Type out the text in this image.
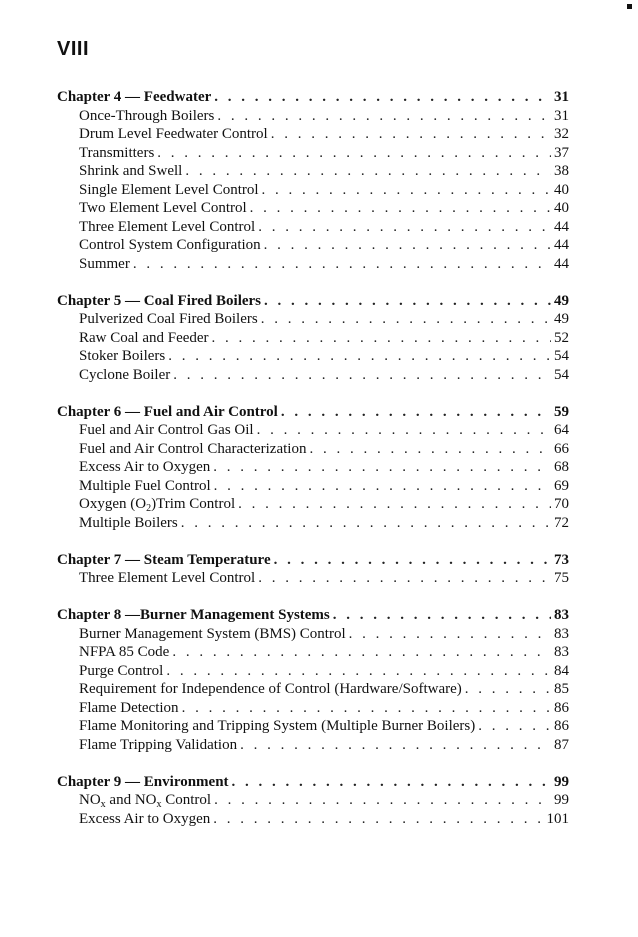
VIII
Chapter 4 — Feedwater . . .	31
Once-Through Boilers . . .	31
Drum Level Feedwater Control . . .	32
Transmitters . . .	37
Shrink and Swell . . .	38
Single Element Level Control . . .	40
Two Element Level Control . . .	40
Three Element Level Control . . .	44
Control System Configuration . . .	44
Summer . . .	44
Chapter 5 — Coal Fired Boilers . . .	49
Pulverized Coal Fired Boilers . . .	49
Raw Coal and Feeder . . .	52
Stoker Boilers . . .	54
Cyclone Boiler . . .	54
Chapter 6 — Fuel and Air Control . . .	59
Fuel and Air Control Gas Oil . . .	64
Fuel and Air Control Characterization . . .	66
Excess Air to Oxygen . . .	68
Multiple Fuel Control . . .	69
Oxygen $(O_2)Trim$ Control . . .	70
Multiple Boilers . . .	72
Chapter 7 — Steam Temperature . . .	73
Three Element Level Control . . .	75
Chapter 8 —Burner Management Systems . . .	83
Burner Management System (BMS) Control . . .	83
NFPA 85 Code . . .	83
Purge Control . . .	84
Requirement for Independence of Control (Hardware/Software) . . .	85
Flame Detection . . .	86
Flame Monitoring and Tripping System (Multiple Burner Boilers) . . .	86
Flame Tripping Validation . . .	87
Chapter 9 — Environment . . .	99
$NO_x$ and $NO_x$ Control . . .	99
Excess Air to Oxygen . . .	101
